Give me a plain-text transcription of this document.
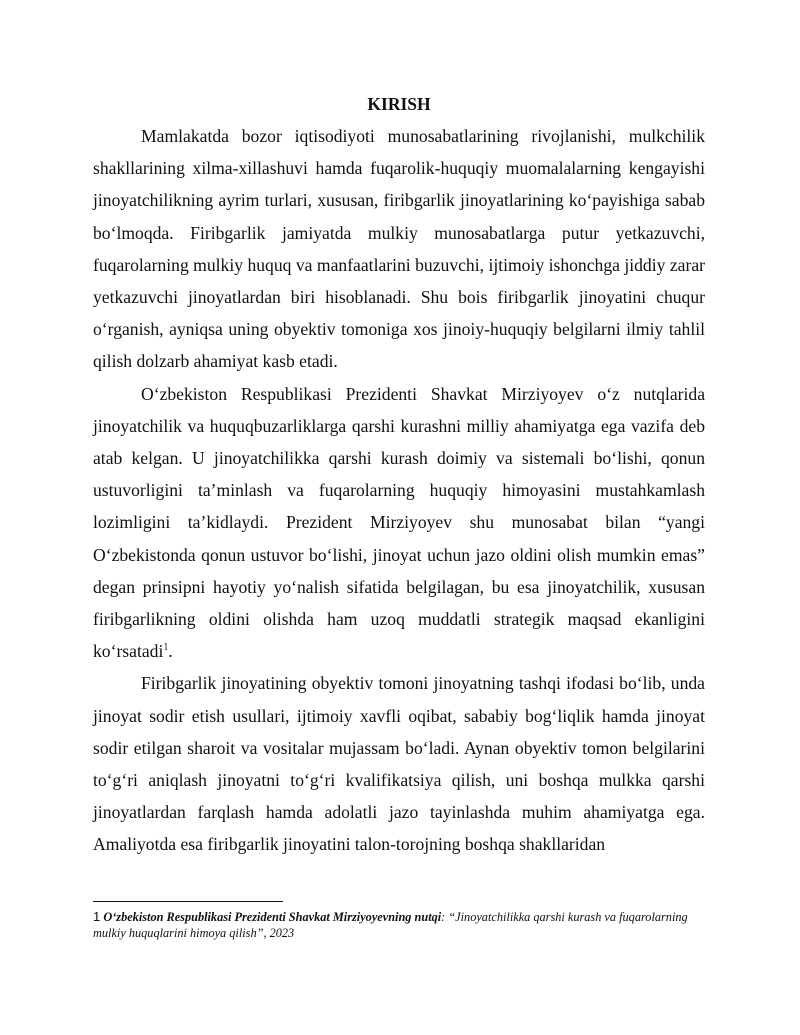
KIRISH

Mamlakatda bozor iqtisodiyoti munosabatlarining rivojlanishi, mulkchilik shakllarining xilma-xillashuvi hamda fuqarolik-huquqiy muomalalarning kengayishi jinoyatchilikning ayrim turlari, xususan, firibgarlik jinoyatlarining koʻpayishiga sabab boʻlmoqda. Firibgarlik jamiyatda mulkiy munosabatlarga putur yetkazuvchi, fuqarolarning mulkiy huquq va manfaatlarini buzuvchi, ijtimoiy ishonchga jiddiy zarar yetkazuvchi jinoyatlardan biri hisoblanadi. Shu bois firibgarlik jinoyatini chuqur oʻrganish, ayniqsa uning obyektiv tomoniga xos jinoiy-huquqiy belgilarni ilmiy tahlil qilish dolzarb ahamiyat kasb etadi.

Oʻzbekiston Respublikasi Prezidenti Shavkat Mirziyoyev oʻz nutqlarida jinoyatchilik va huquqbuzarliklarga qarshi kurashni milliy ahamiyatga ega vazifa deb atab kelgan. U jinoyatchilikka qarshi kurash doimiy va sistemali boʻlishi, qonun ustuvorligini taʼminlash va fuqarolarning huquqiy himoyasini mustahkamlash lozimligini taʼkidlaydi. Prezident Mirziyoyev shu munosabat bilan “yangi Oʻzbekistonda qonun ustuvor boʻlishi, jinoyat uchun jazo oldini olish mumkin emas” degan prinsipni hayotiy yoʻnalish sifatida belgilagan, bu esa jinoyatchilik, xususan firibgarlikning oldini olishda ham uzoq muddatli strategik maqsad ekanligini koʻrsatadi$^1$.

Firibgarlik jinoyatining obyektiv tomoni jinoyatning tashqi ifodasi boʻlib, unda jinoyat sodir etish usullari, ijtimoiy xavfli oqibat, sababiy bogʻliqlik hamda jinoyat sodir etilgan sharoit va vositalar mujassam boʻladi. Aynan obyektiv tomon belgilarini toʻgʻri aniqlash jinoyatni toʻgʻri kvalifikatsiya qilish, uni boshqa mulkka qarshi jinoyatlardan farqlash hamda adolatli jazo tayinlashda muhim ahamiyatga ega. Amaliyotda esa firibgarlik jinoyatini talon-torojning boshqa shakllaridan

1 Oʻzbekiston Respublikasi Prezidenti Shavkat Mirziyoyevning nutqi: “Jinoyatchilikka qarshi kurash va fuqarolarning mulkiy huquqlarini himoya qilish”, 2023
